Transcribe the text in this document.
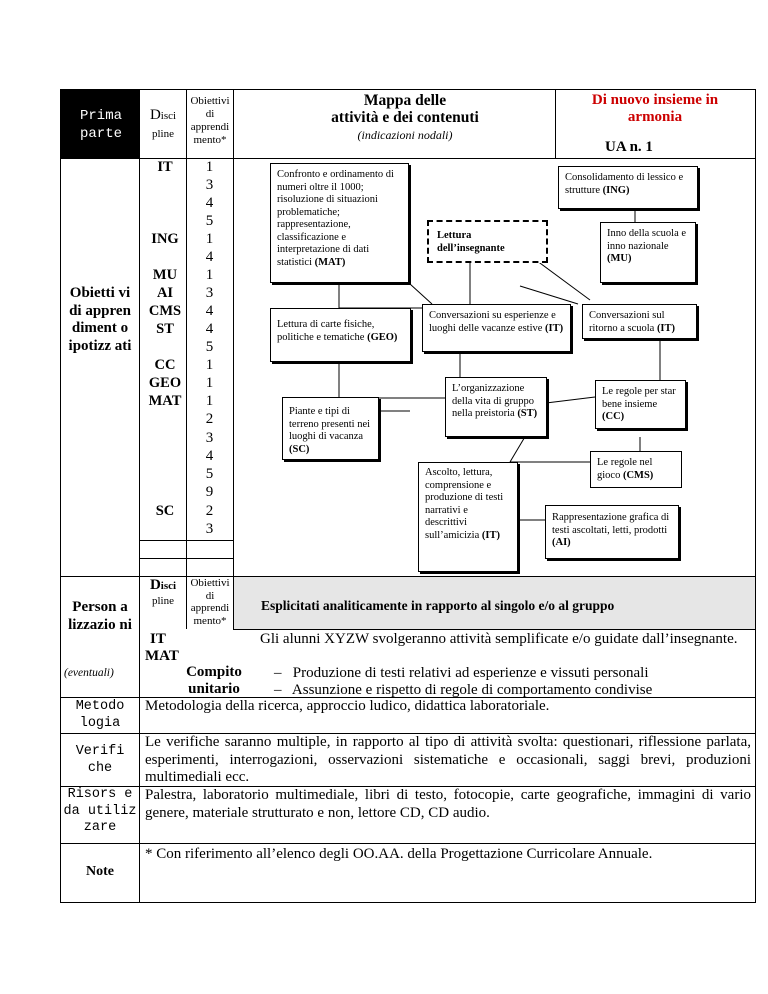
Prima parte
Disci
pline
Obiettivi di apprendi mento*
Mappa delle
attività e dei contenuti
(indicazioni nodali)
Di nuovo insieme in armonia
UA n. 1
Obietti vi di appren diment o ipotizz ati
IT
ING
MU
AI
CMS
ST
CC
GEO
MAT
SC
1
3
4
5
1
4
1
3
4
4
5
1
1
1
2
3
4
5
9
2
3
Confronto e ordinamento di numeri oltre il 1000; risoluzione di situazioni problematiche; rappresentazione, classificazione e interpretazione di dati statistici (MAT)
Lettura dell’insegnante
Consolidamento di lessico e strutture (ING)
Inno della scuola e inno nazionale (MU)
Lettura di carte fisiche, politiche e tematiche (GEO)
Conversazioni su esperienze e luoghi delle vacanze estive (IT)
Conversazioni sul ritorno a scuola (IT)
L’organizzazione della vita di gruppo nella preistoria (ST)
Le regole per star bene insieme (CC)
Piante e tipi di terreno presenti nei luoghi di vacanza (SC)
Le regole nel gioco (CMS)
Ascolto, lettura, comprensione e produzione di testi narrativi e descrittivi sull’amicizia (IT)
Rappresentazione grafica di testi ascoltati, letti, prodotti (AI)
Person a lizzazio ni
(eventuali)
Disci
pline
Obiettivi di apprendi mento*
Esplicitati analiticamente in rapporto al singolo e/o al gruppo
IT
MAT
Compito unitario
Gli alunni XYZW svolgeranno attività semplificate e/o guidate dall’insegnante.
–   Produzione di testi relativi ad esperienze e vissuti personali
–   Assunzione e rispetto di regole di comportamento condivise
Metodo logia
Metodologia della ricerca, approccio ludico, didattica laboratoriale.
Verifi che
Le verifiche saranno multiple, in rapporto al tipo di attività svolta: questionari, riflessione parlata, esperimenti, interrogazioni, osservazioni sistematiche e occasionali, saggi brevi, produzioni multimediali ecc.
Risors e da utiliz zare
Palestra, laboratorio multimediale, libri di testo, fotocopie, carte geografiche, immagini di vario genere, materiale strutturato e non, lettore CD, CD audio.
Note
* Con riferimento all’elenco degli OO.AA. della Progettazione Curricolare Annuale.
